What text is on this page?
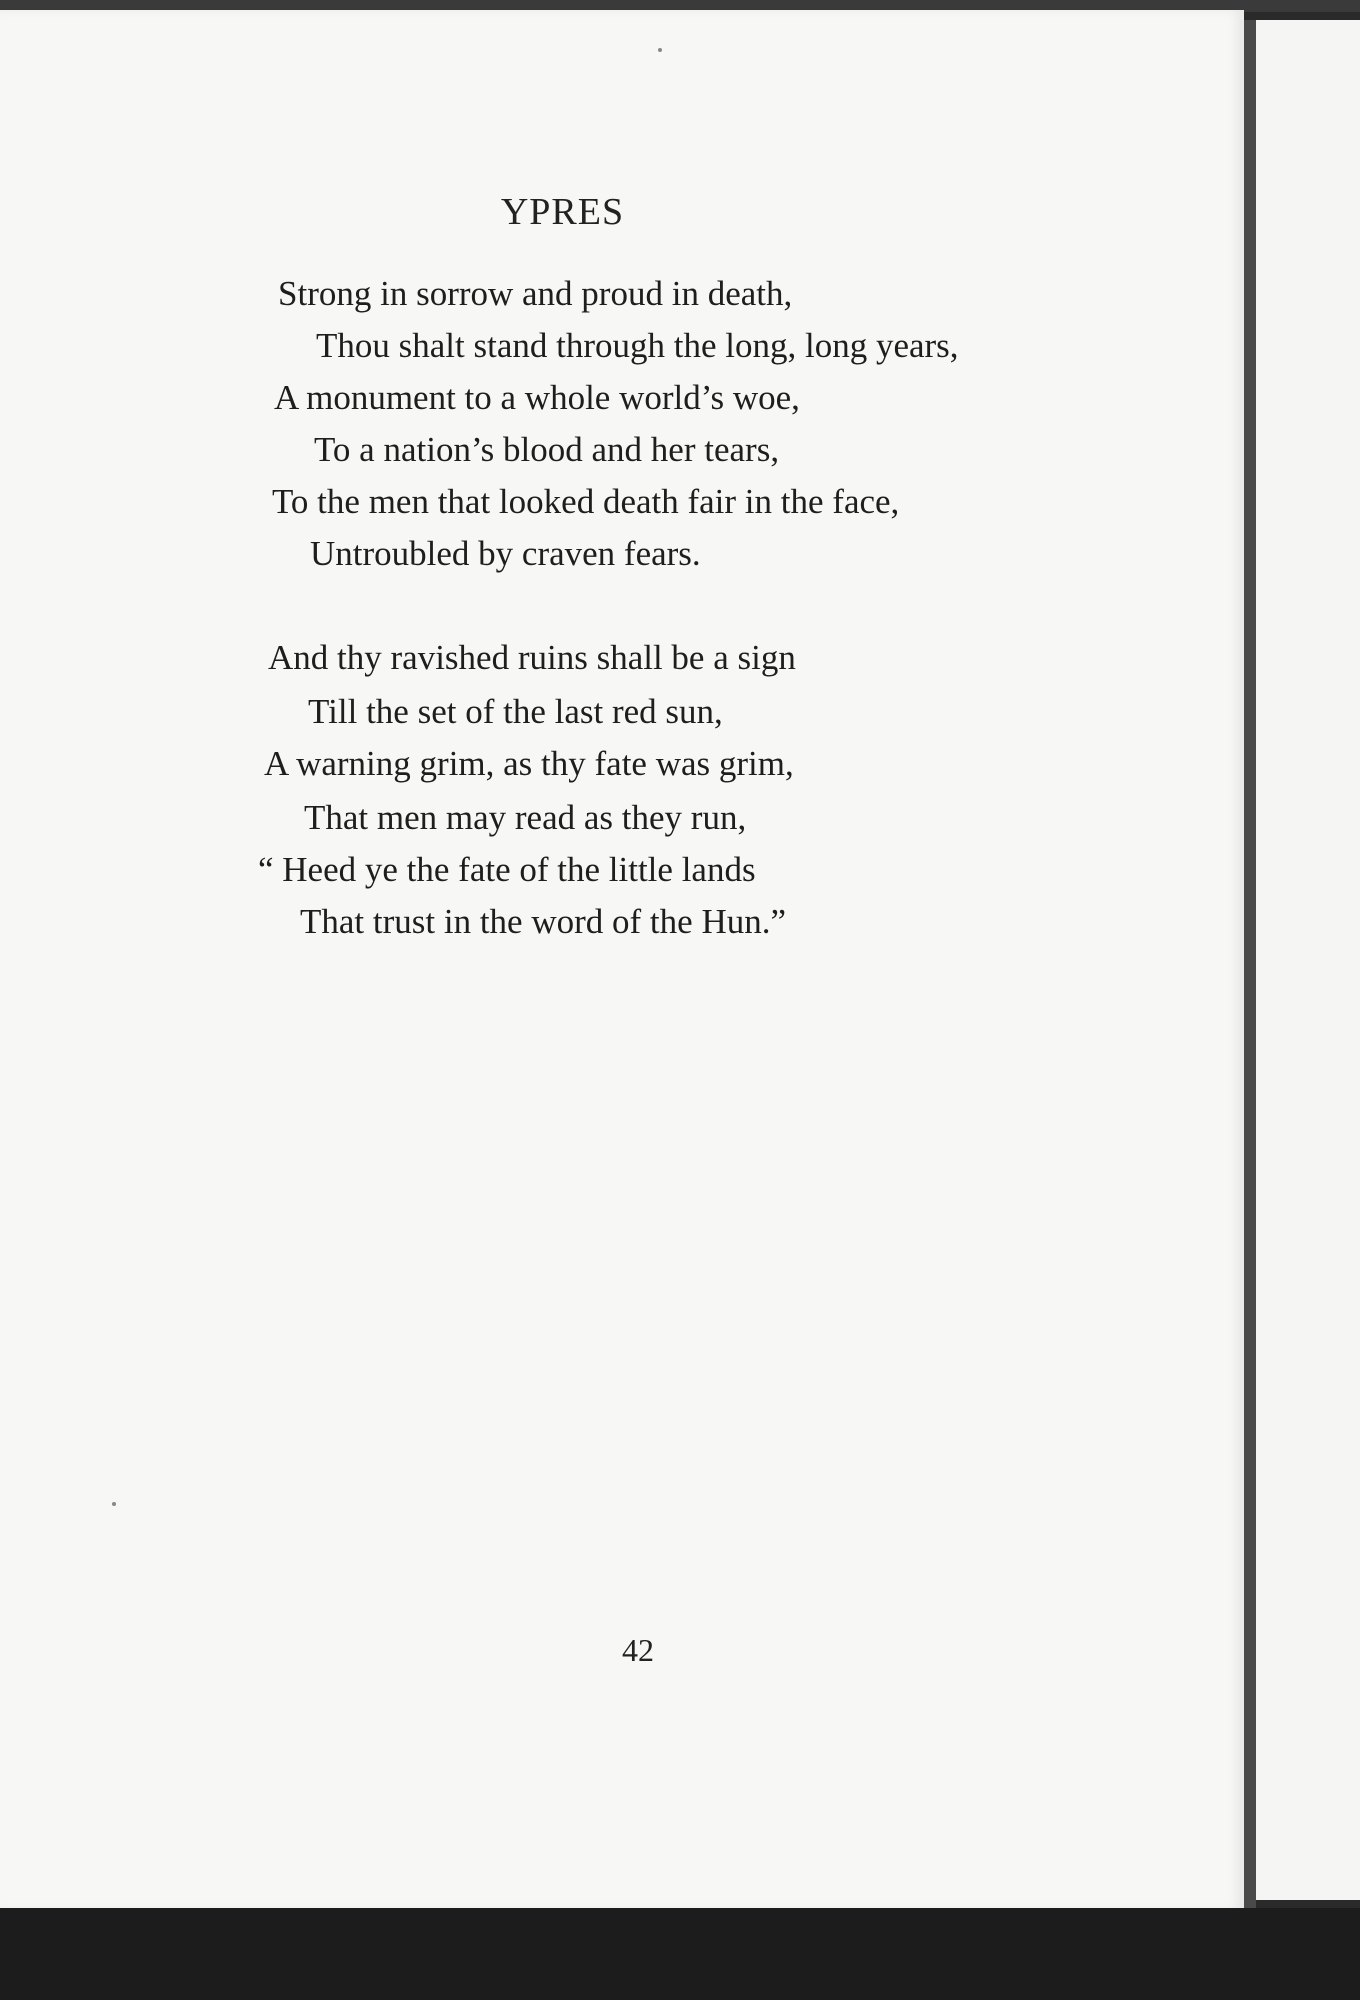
YPRES
Strong in sorrow and proud in death,
Thou shalt stand through the long, long years,
A monument to a whole world’s woe,
To a nation’s blood and her tears,
To the men that looked death fair in the face,
Untroubled by craven fears.
And thy ravished ruins shall be a sign
Till the set of the last red sun,
A warning grim, as thy fate was grim,
That men may read as they run,
“ Heed ye the fate of the little lands
That trust in the word of the Hun.”
42
